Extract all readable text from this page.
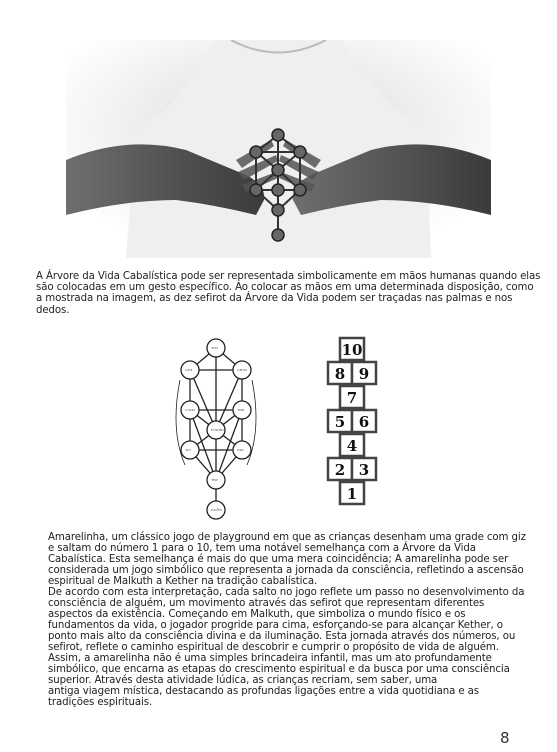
A Árvore da Vida Cabalística pode ser representada simbolicamente em mãos humanas quando elas são colocadas em um gesto específico. Ao colocar as mãos em uma determinada disposição, como a mostrada na imagem, as dez sefirot da Árvore da Vida podem ser traçadas nas palmas e nos dedos.
כתר
בינה	חכמה
גבורה	חסד
תפארת
הוד	נצח
יסוד
מלכות
10
8 9
7
5 6
4
2 3
1

Amarelinha, um clássico jogo de playground em que as crianças desenham uma grade com giz e saltam do número 1 para o 10, tem uma notável semelhança com a Árvore da Vida Cabalística. Esta semelhança é mais do que uma mera coincidência; A amarelinha pode ser considerada um jogo simbólico que representa a jornada da consciência, refletindo a ascensão espiritual de Malkuth a Kether na tradição cabalística.

De acordo com esta interpretação, cada salto no jogo reflete um passo no desenvolvimento da consciência de alguém, um movimento através das sefirot que representam diferentes aspectos da existência. Começando em Malkuth, que simboliza o mundo físico e os fundamentos da vida, o jogador progride para cima, esforçando-se para alcançar Kether, o ponto mais alto da consciência divina e da iluminação. Esta jornada através dos números, ou sefirot, reflete o caminho espiritual de descobrir e cumprir o propósito de vida de alguém. Assim, a amarelinha não é uma simples brincadeira infantil, mas um ato profundamente simbólico, que encarna as etapas do crescimento espiritual e da busca por uma consciência superior. Através desta atividade lúdica, as crianças recriam, sem saber, uma

antiga viagem mística, destacando as profundas ligações entre a vida quotidiana e as tradições espirituais.

8
